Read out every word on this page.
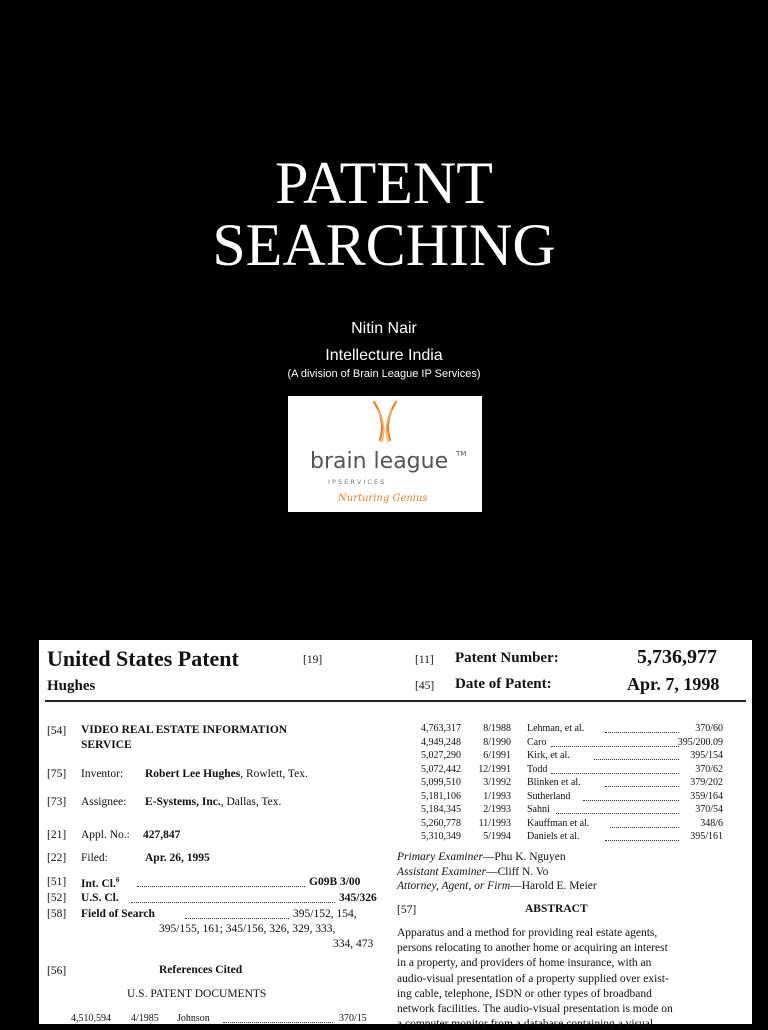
PATENT
SEARCHING
Nitin Nair
Intellecture India
(A division of Brain League IP Services)
brain league TM
I P S E R V I C E S
Nurturing Genius
United States Patent	[19]
Hughes
[11] Patent Number:	5,736,977
[45] Date of Patent:	Apr. 7, 1998
[54] VIDEO REAL ESTATE INFORMATION
SERVICE
[75] Inventor: Robert Lee Hughes, Rowlett, Tex.
[73] Assignee: E-Systems, Inc., Dallas, Tex.
[21] Appl. No.: 427,847
[22] Filed:	Apr. 26, 1995
[51] Int. Cl.$^6$	G09B 3/00
[52] U.S. Cl.	345/326
[58] Field of Search	395/152, 154,
395/155, 161; 345/156, 326, 329, 333,
334, 473
[56]	References Cited
U.S. PATENT DOCUMENTS
4,510,594 4/1985 Johnson	370/15
4,763,317	8/1988 Lehman, et al.	370/60
4,949,248	8/1990 Caro	395/200.09
5,027,290	6/1991 Kirk, et al.	395/154
5,072,442	12/1991 Todd	370/62
5,099,510	3/1992 Blinken et al.	379/202
5,181,106	1/1993 Sutherland	359/164
5,184,345	2/1993 Sahni	370/54
5,260,778	11/1993 Kauffman et al.	348/6
5,310,349	5/1994 Daniels et al.	395/161
Primary Examiner—Phu K. Nguyen
Assistant Examiner—Cliff N. Vo
Attorney, Agent, or Firm—Harold E. Meier
[57]	ABSTRACT
Apparatus and a method for providing real estate agents,
persons relocating to another home or acquiring an interest
in a property, and providers of home insurance, with an
audio-visual presentation of a property supplied over exist-
ing cable, telephone, ISDN or other types of broadband
network facilities. The audio-visual presentation is mode on
a computer monitor from a database containing a visual
